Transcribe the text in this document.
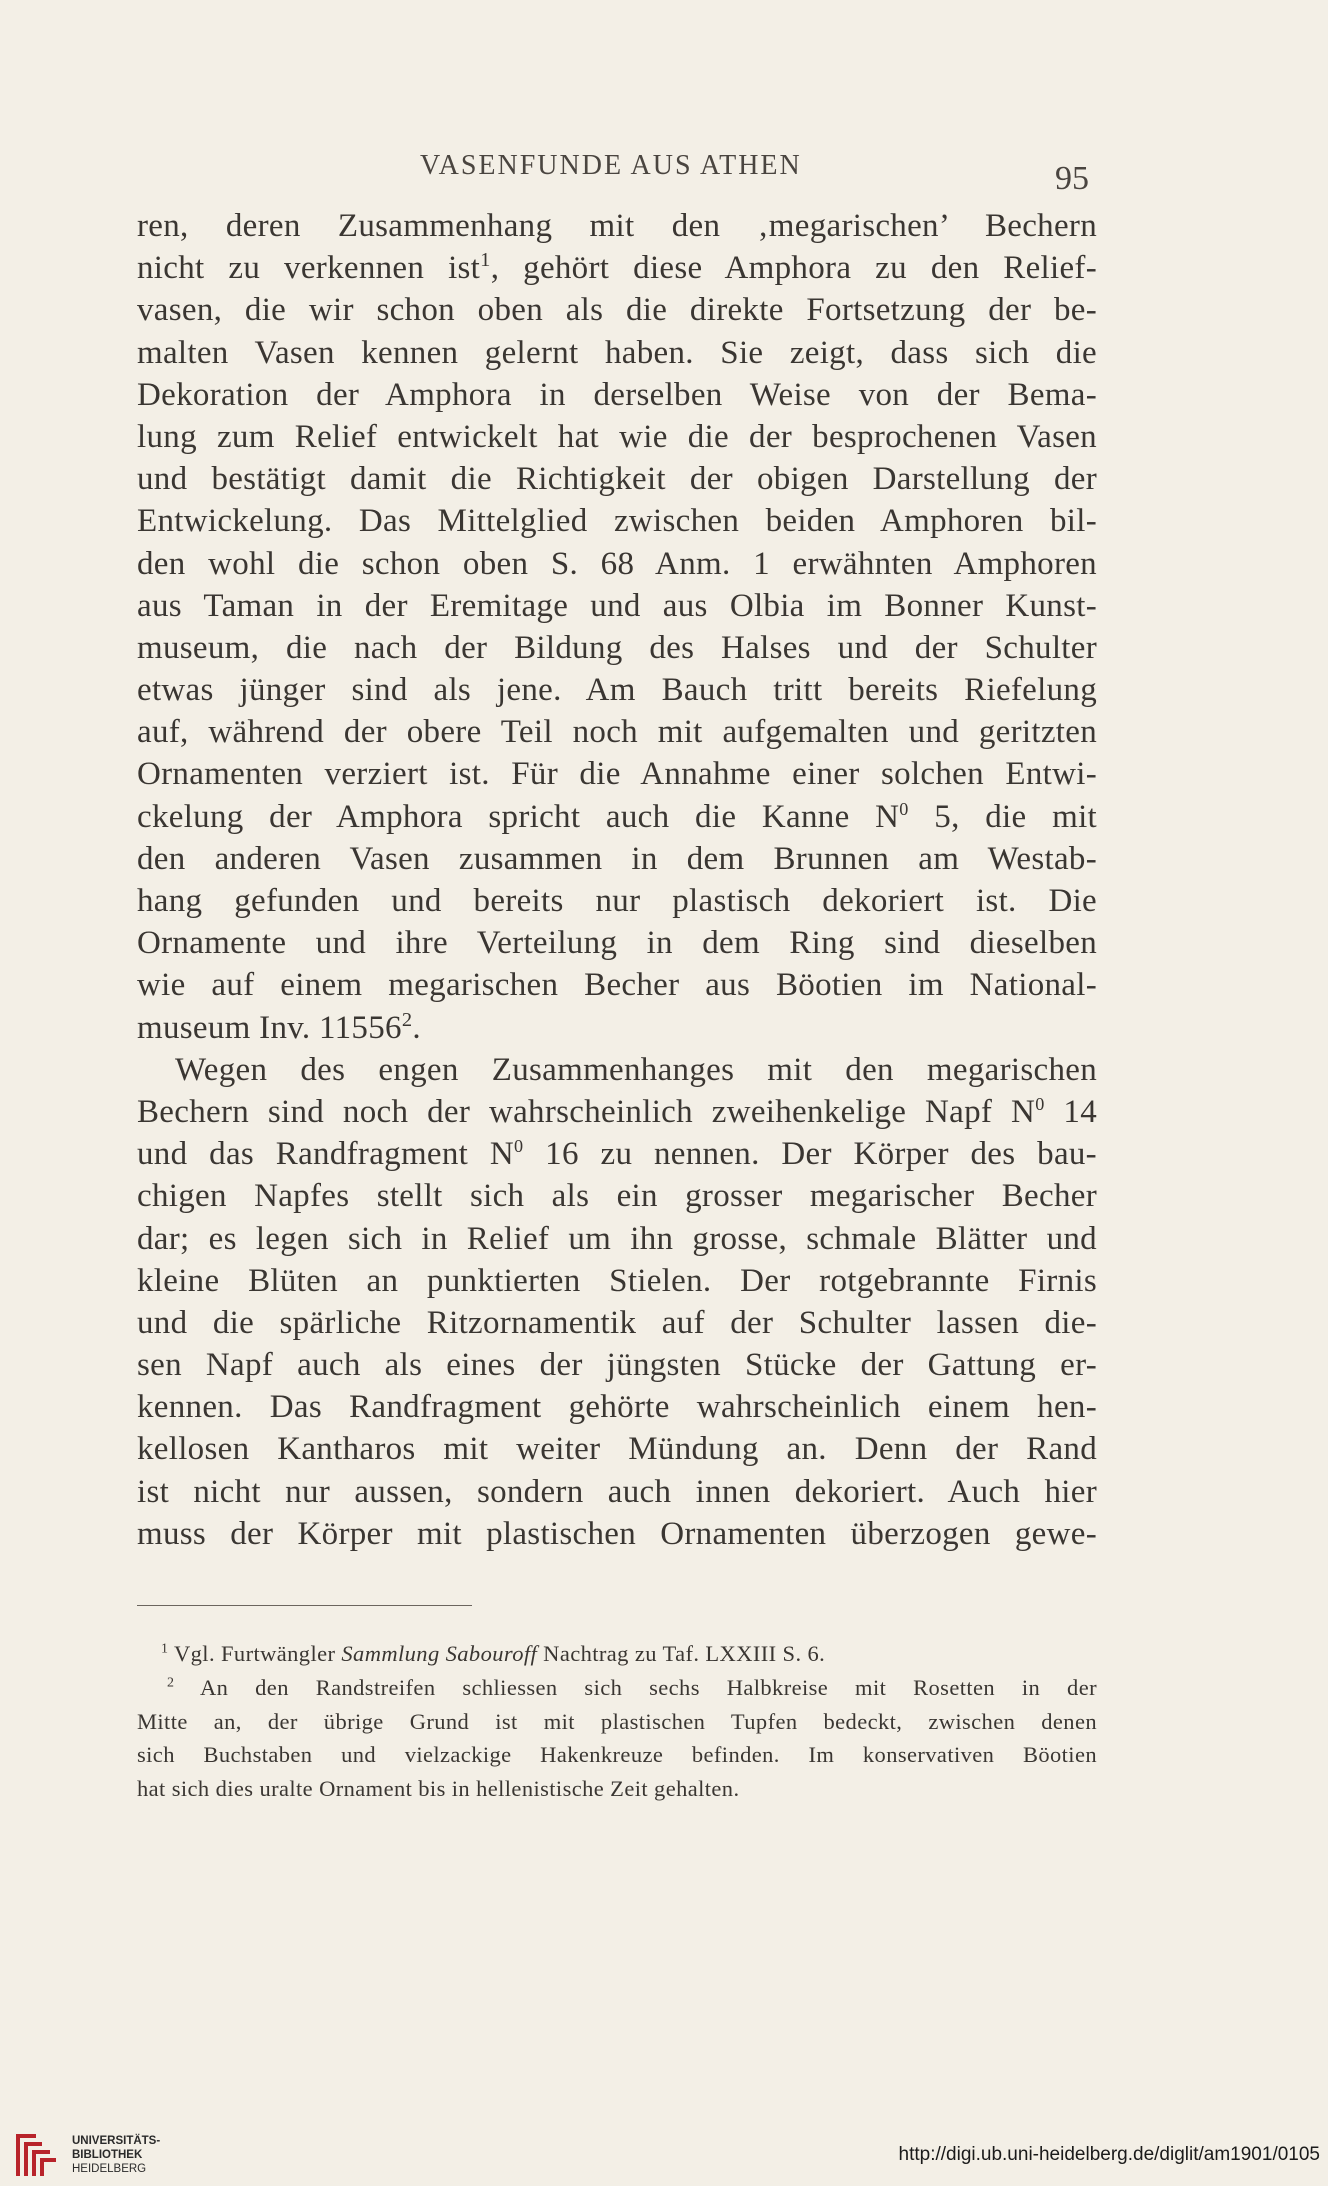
VASENFUNDE AUS ATHEN	95
ren, deren Zusammenhang mit den ‚megarischen’ Bechern
nicht zu verkennen ist$^1$, gehört diese Amphora zu den Relief-
vasen, die wir schon oben als die direkte Fortsetzung der be-
malten Vasen kennen gelernt haben. Sie zeigt, dass sich die
Dekoration der Amphora in derselben Weise von der Bema-
lung zum Relief entwickelt hat wie die der besprochenen Vasen
und bestätigt damit die Richtigkeit der obigen Darstellung der
Entwickelung. Das Mittelglied zwischen beiden Amphoren bil-
den wohl die schon oben S. 68 Anm. 1 erwähnten Amphoren
aus Taman in der Eremitage und aus Olbia im Bonner Kunst-
museum, die nach der Bildung des Halses und der Schulter
etwas jünger sind als jene. Am Bauch tritt bereits Riefelung
auf, während der obere Teil noch mit aufgemalten und geritzten
Ornamenten verziert ist. Für die Annahme einer solchen Entwi-
ckelung der Amphora spricht auch die Kanne $N^0$ 5, die mit
den anderen Vasen zusammen in dem Brunnen am Westab-
hang gefunden und bereits nur plastisch dekoriert ist. Die
Ornamente und ihre Verteilung in dem Ring sind dieselben
wie auf einem megarischen Becher aus Böotien im National-
museum Inv. 11556$^2$.
Wegen des engen Zusammenhanges mit den megarischen
Bechern sind noch der wahrscheinlich zweihenkelige Napf $N^0$ 14
und das Randfragment $N^0$ 16 zu nennen. Der Körper des bau-
chigen Napfes stellt sich als ein grosser megarischer Becher
dar; es legen sich in Relief um ihn grosse, schmale Blätter und
kleine Blüten an punktierten Stielen. Der rotgebrannte Firnis
und die spärliche Ritzornamentik auf der Schulter lassen die-
sen Napf auch als eines der jüngsten Stücke der Gattung er-
kennen. Das Randfragment gehörte wahrscheinlich einem hen-
kellosen Kantharos mit weiter Mündung an. Denn der Rand
ist nicht nur aussen, sondern auch innen dekoriert. Auch hier
muss der Körper mit plastischen Ornamenten überzogen gewe-
$^1$ Vgl. Furtwängler Sammlung Sabouroff Nachtrag zu Taf. LXXIII S. 6.
$^2$ An den Randstreifen schliessen sich sechs Halbkreise mit Rosetten in der
Mitte an, der übrige Grund ist mit plastischen Tupfen bedeckt, zwischen denen
sich Buchstaben und vielzackige Hakenkreuze befinden. Im konservativen Böotien
hat sich dies uralte Ornament bis in hellenistische Zeit gehalten.
UNIVERSITÄTS-
BIBLIOTHEK
HEIDELBERG
http://digi.ub.uni-heidelberg.de/diglit/am1901/0105
